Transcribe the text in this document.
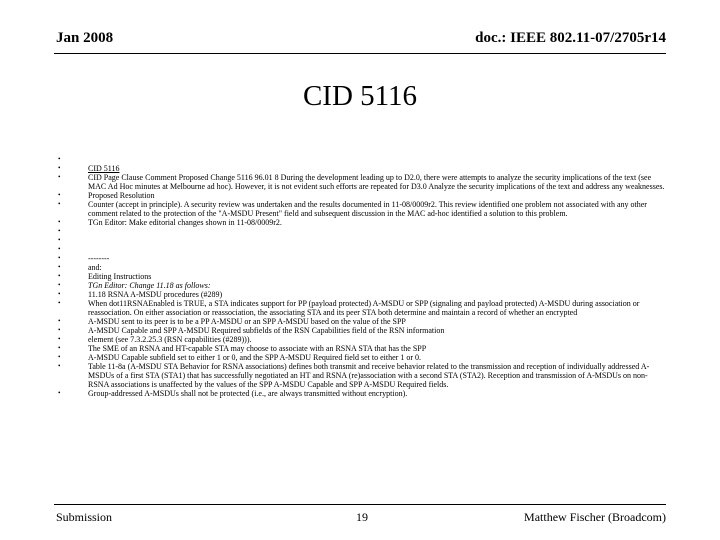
Jan 2008	doc.: IEEE 802.11-07/2705r14
CID 5116
•
•	CID 5116
•	CID Page Clause Comment Proposed Change 5116 96.01 8 During the development leading up to D2.0, there were attempts to analyze the security implications of the text (see MAC Ad Hoc minutes at Melbourne ad hoc). However, it is not evident such efforts are repeated for D3.0 Analyze the security implications of the text and address any weaknesses.
•	Proposed Resolution
•	Counter (accept in principle). A security review was undertaken and the results documented in 11-08/0009r2. This review identified one problem not associated with any other comment related to the protection of the "A-MSDU Present" field and subsequent discussion in the MAC ad-hoc identified a solution to this problem.
•	TGn Editor: Make editorial changes shown in 11-08/0009r2.
•
•
•
•	--------
•	and:
•	Editing Instructions
•	TGn Editor: Change 11.18 as follows:
•	11.18 RSNA A-MSDU procedures (#289)
•	When dot11RSNAEnabled is TRUE, a STA indicates support for PP (payload protected) A-MSDU or SPP (signaling and payload protected) A-MSDU during association or reassociation. On either association or reassociation, the associating STA and its peer STA both determine and maintain a record of whether an encrypted
•	A-MSDU sent to its peer is to be a PP A-MSDU or an SPP A-MSDU based on the value of the SPP
•	A-MSDU Capable and SPP A-MSDU Required subfields of the RSN Capabilities field of the RSN information
•	element (see 7.3.2.25.3 (RSN capabilities (#289))).
•	The SME of an RSNA and HT-capable STA may choose to associate with an RSNA STA that has the SPP
•	A-MSDU Capable subfield set to either 1 or 0, and the SPP A-MSDU Required field set to either 1 or 0.
•	Table 11-8a (A-MSDU STA Behavior for RSNA associations) defines both transmit and receive behavior related to the transmission and reception of individually addressed A-MSDUs of a first STA (STA1) that has successfully negotiated an HT and RSNA (re)association with a second STA (STA2). Reception and transmission of A-MSDUs on non-RSNA associations is unaffected by the values of the SPP A-MSDU Capable and SPP A-MSDU Required fields.
•	Group-addressed A-MSDUs shall not be protected (i.e., are always transmitted without encryption).
Submission	19	Matthew Fischer (Broadcom)
